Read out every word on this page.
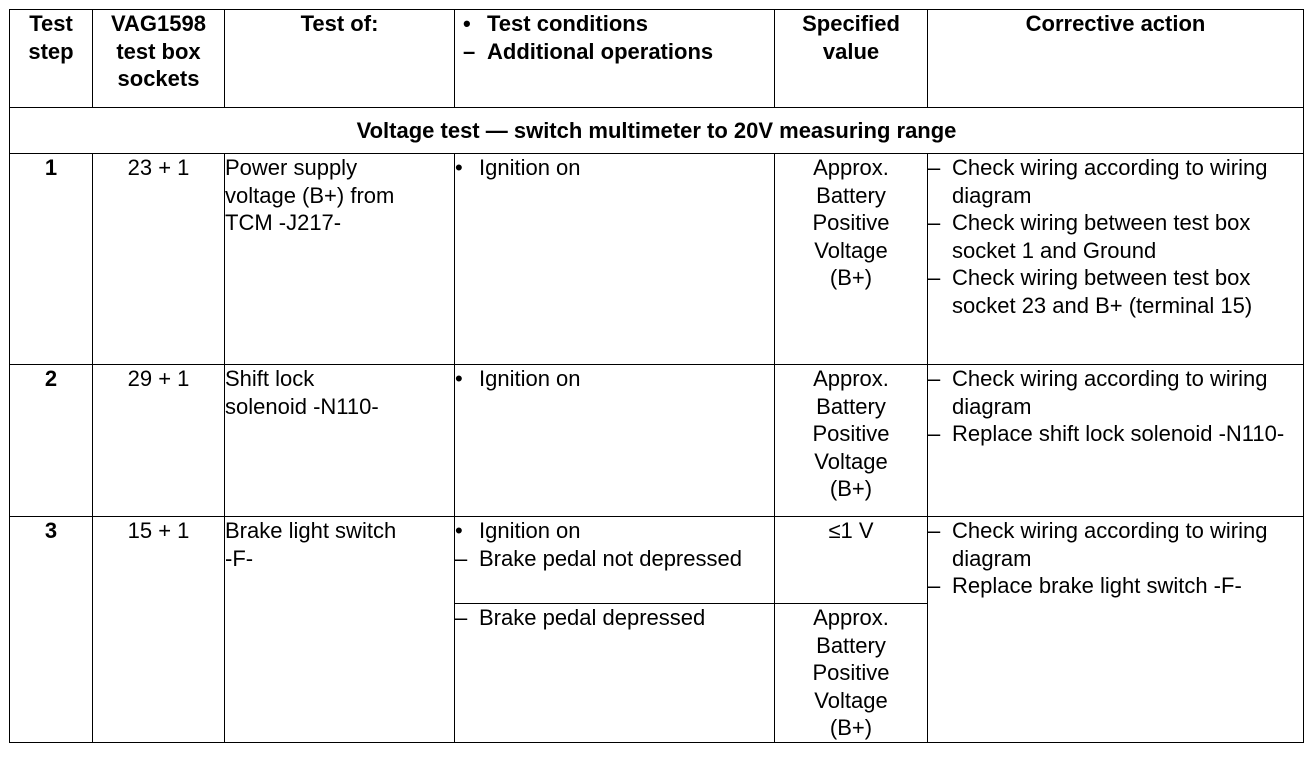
Test
step	VAG1598
test box
sockets	Test of:	• Test conditions
– Additional operations	Specified
value	Corrective action

Voltage test — switch multimeter to 20V measuring range					
1	23 + 1	Power supply
voltage (B+) from
TCM -J217-	• Ignition on	Approx.
Battery
Positive
Voltage
(B+)	– Check wiring according to wiring diagram
– Check wiring between test box socket 1 and Ground
– Check wiring between test box socket 23 and B+ (terminal 15)

2	29 + 1	Shift lock
solenoid -N110-	• Ignition on	Approx.
Battery
Positive
Voltage
(B+)	– Check wiring according to wiring diagram
– Replace shift lock solenoid -N110-

3	15 + 1	Brake light switch
-F-	• Ignition on
– Brake pedal not depressed	≤1 V	– Check wiring according to wiring diagram
– Replace brake light switch -F-

			– Brake pedal depressed	Approx.
Battery
Positive
Voltage
(B+)	
